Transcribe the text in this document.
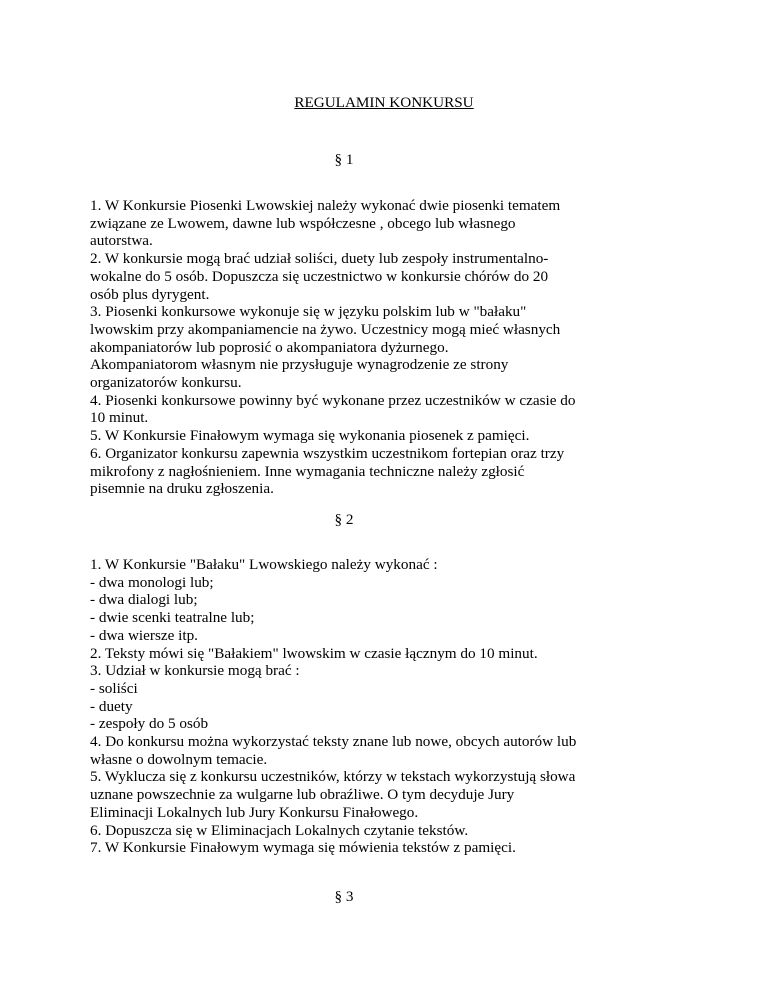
REGULAMIN KONKURSU
§ 1
1. W Konkursie Piosenki Lwowskiej należy wykonać dwie piosenki tematem
związane ze Lwowem, dawne lub współczesne , obcego lub własnego
autorstwa.
2. W konkursie mogą brać udział soliści, duety lub zespoły instrumentalno-
wokalne do 5 osób. Dopuszcza się uczestnictwo w konkursie chórów do 20
osób plus dyrygent.
3. Piosenki konkursowe wykonuje się w języku polskim lub w "bałaku"
lwowskim przy akompaniamencie na żywo. Uczestnicy mogą mieć własnych
akompaniatorów lub poprosić o akompaniatora dyżurnego.
Akompaniatorom własnym nie przysługuje wynagrodzenie ze strony
organizatorów konkursu.
4. Piosenki konkursowe powinny być wykonane przez uczestników w czasie do
10 minut.
5. W Konkursie Finałowym wymaga się wykonania piosenek z pamięci.
6. Organizator konkursu zapewnia wszystkim uczestnikom fortepian oraz trzy
mikrofony z nagłośnieniem. Inne wymagania techniczne należy zgłosić
pisemnie na druku zgłoszenia.
§ 2
1. W Konkursie "Bałaku" Lwowskiego należy wykonać :
- dwa monologi lub;
- dwa dialogi lub;
- dwie scenki teatralne lub;
- dwa wiersze itp.
2. Teksty mówi się "Bałakiem" lwowskim w czasie łącznym do 10 minut.
3. Udział w konkursie mogą brać :
- soliści
- duety
- zespoły do 5 osób
4. Do konkursu można wykorzystać teksty znane lub nowe, obcych autorów lub
własne o dowolnym temacie.
5. Wyklucza się z konkursu uczestników, którzy w tekstach wykorzystują słowa
uznane powszechnie za wulgarne lub obraźliwe. O tym decyduje Jury
Eliminacji Lokalnych lub Jury Konkursu Finałowego.
6. Dopuszcza się w Eliminacjach Lokalnych czytanie tekstów.
7. W Konkursie Finałowym wymaga się mówienia tekstów z pamięci.
§ 3
